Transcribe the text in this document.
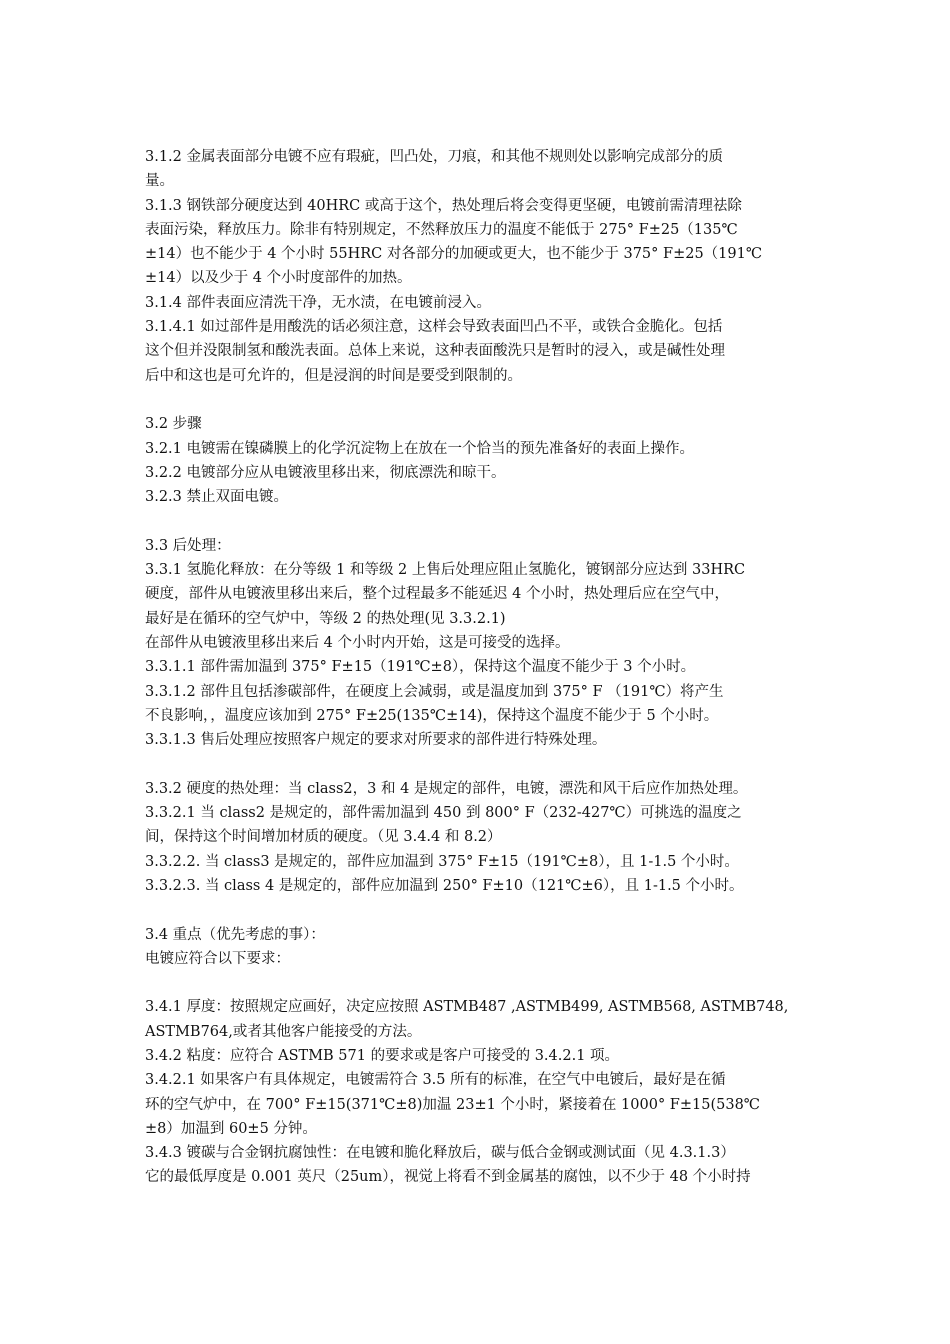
3.1.2 金属表面部分电镀不应有瑕疵，凹凸处，刀痕，和其他不规则处以影响完成部分的质
量。
3.1.3 钢铁部分硬度达到 40HRC 或高于这个，热处理后将会变得更坚硬，电镀前需清理祛除
表面污染，释放压力。除非有特别规定，不然释放压力的温度不能低于 275° F±25（135℃
±14）也不能少于 4 个小时 55HRC 对各部分的加硬或更大，也不能少于 375° F±25（191℃
±14）以及少于 4 个小时度部件的加热。
3.1.4 部件表面应清洗干净，无水渍，在电镀前浸入。
3.1.4.1 如过部件是用酸洗的话必须注意，这样会导致表面凹凸不平，或铁合金脆化。包括
这个但并没限制氢和酸洗表面。总体上来说，这种表面酸洗只是暂时的浸入，或是碱性处理
后中和这也是可允许的，但是浸润的时间是要受到限制的。
3.2 步骤
3.2.1 电镀需在镍磷膜上的化学沉淀物上在放在一个恰当的预先准备好的表面上操作。
3.2.2 电镀部分应从电镀液里移出来，彻底漂洗和晾干。
3.2.3 禁止双面电镀。
3.3 后处理：
3.3.1 氢脆化释放：在分等级 1 和等级 2 上售后处理应阻止氢脆化，镀钢部分应达到 33HRC
硬度，部件从电镀液里移出来后，整个过程最多不能延迟 4 个小时，热处理后应在空气中，
最好是在循环的空气炉中，等级 2 的热处理(见 3.3.2.1)
在部件从电镀液里移出来后 4 个小时内开始，这是可接受的选择。
3.3.1.1 部件需加温到 375° F±15（191℃±8），保持这个温度不能少于 3 个小时。
3.3.1.2 部件且包括渗碳部件，在硬度上会减弱，或是温度加到 375° F （191℃）将产生
不良影响，，温度应该加到 275° F±25(135℃±14)，保持这个温度不能少于 5 个小时。
3.3.1.3 售后处理应按照客户规定的要求对所要求的部件进行特殊处理。
3.3.2 硬度的热处理：当 class2，3 和 4 是规定的部件，电镀，漂洗和风干后应作加热处理。
3.3.2.1 当 class2 是规定的，部件需加温到 450 到 800° F（232-427℃）可挑选的温度之
间，保持这个时间增加材质的硬度。（见 3.4.4 和 8.2）
3.3.2.2. 当 class3 是规定的，部件应加温到 375° F±15（191℃±8），且 1-1.5 个小时。
3.3.2.3. 当 class 4 是规定的，部件应加温到 250° F±10（121℃±6），且 1-1.5 个小时。
3.4 重点（优先考虑的事）：
电镀应符合以下要求：
3.4.1 厚度：按照规定应画好，决定应按照 ASTMB487 ,ASTMB499, ASTMB568, ASTMB748,
ASTMB764,或者其他客户能接受的方法。
3.4.2 粘度：应符合 ASTMB 571 的要求或是客户可接受的 3.4.2.1 项。
3.4.2.1 如果客户有具体规定，电镀需符合 3.5 所有的标准，在空气中电镀后，最好是在循
环的空气炉中，在 700° F±15(371℃±8)加温 23±1 个小时，紧接着在 1000° F±15(538℃
±8）加温到 60±5 分钟。
3.4.3 镀碳与合金钢抗腐蚀性：在电镀和脆化释放后，碳与低合金钢或测试面（见 4.3.1.3）
它的最低厚度是 0.001 英尺（25um），视觉上将看不到金属基的腐蚀，以不少于 48 个小时持
